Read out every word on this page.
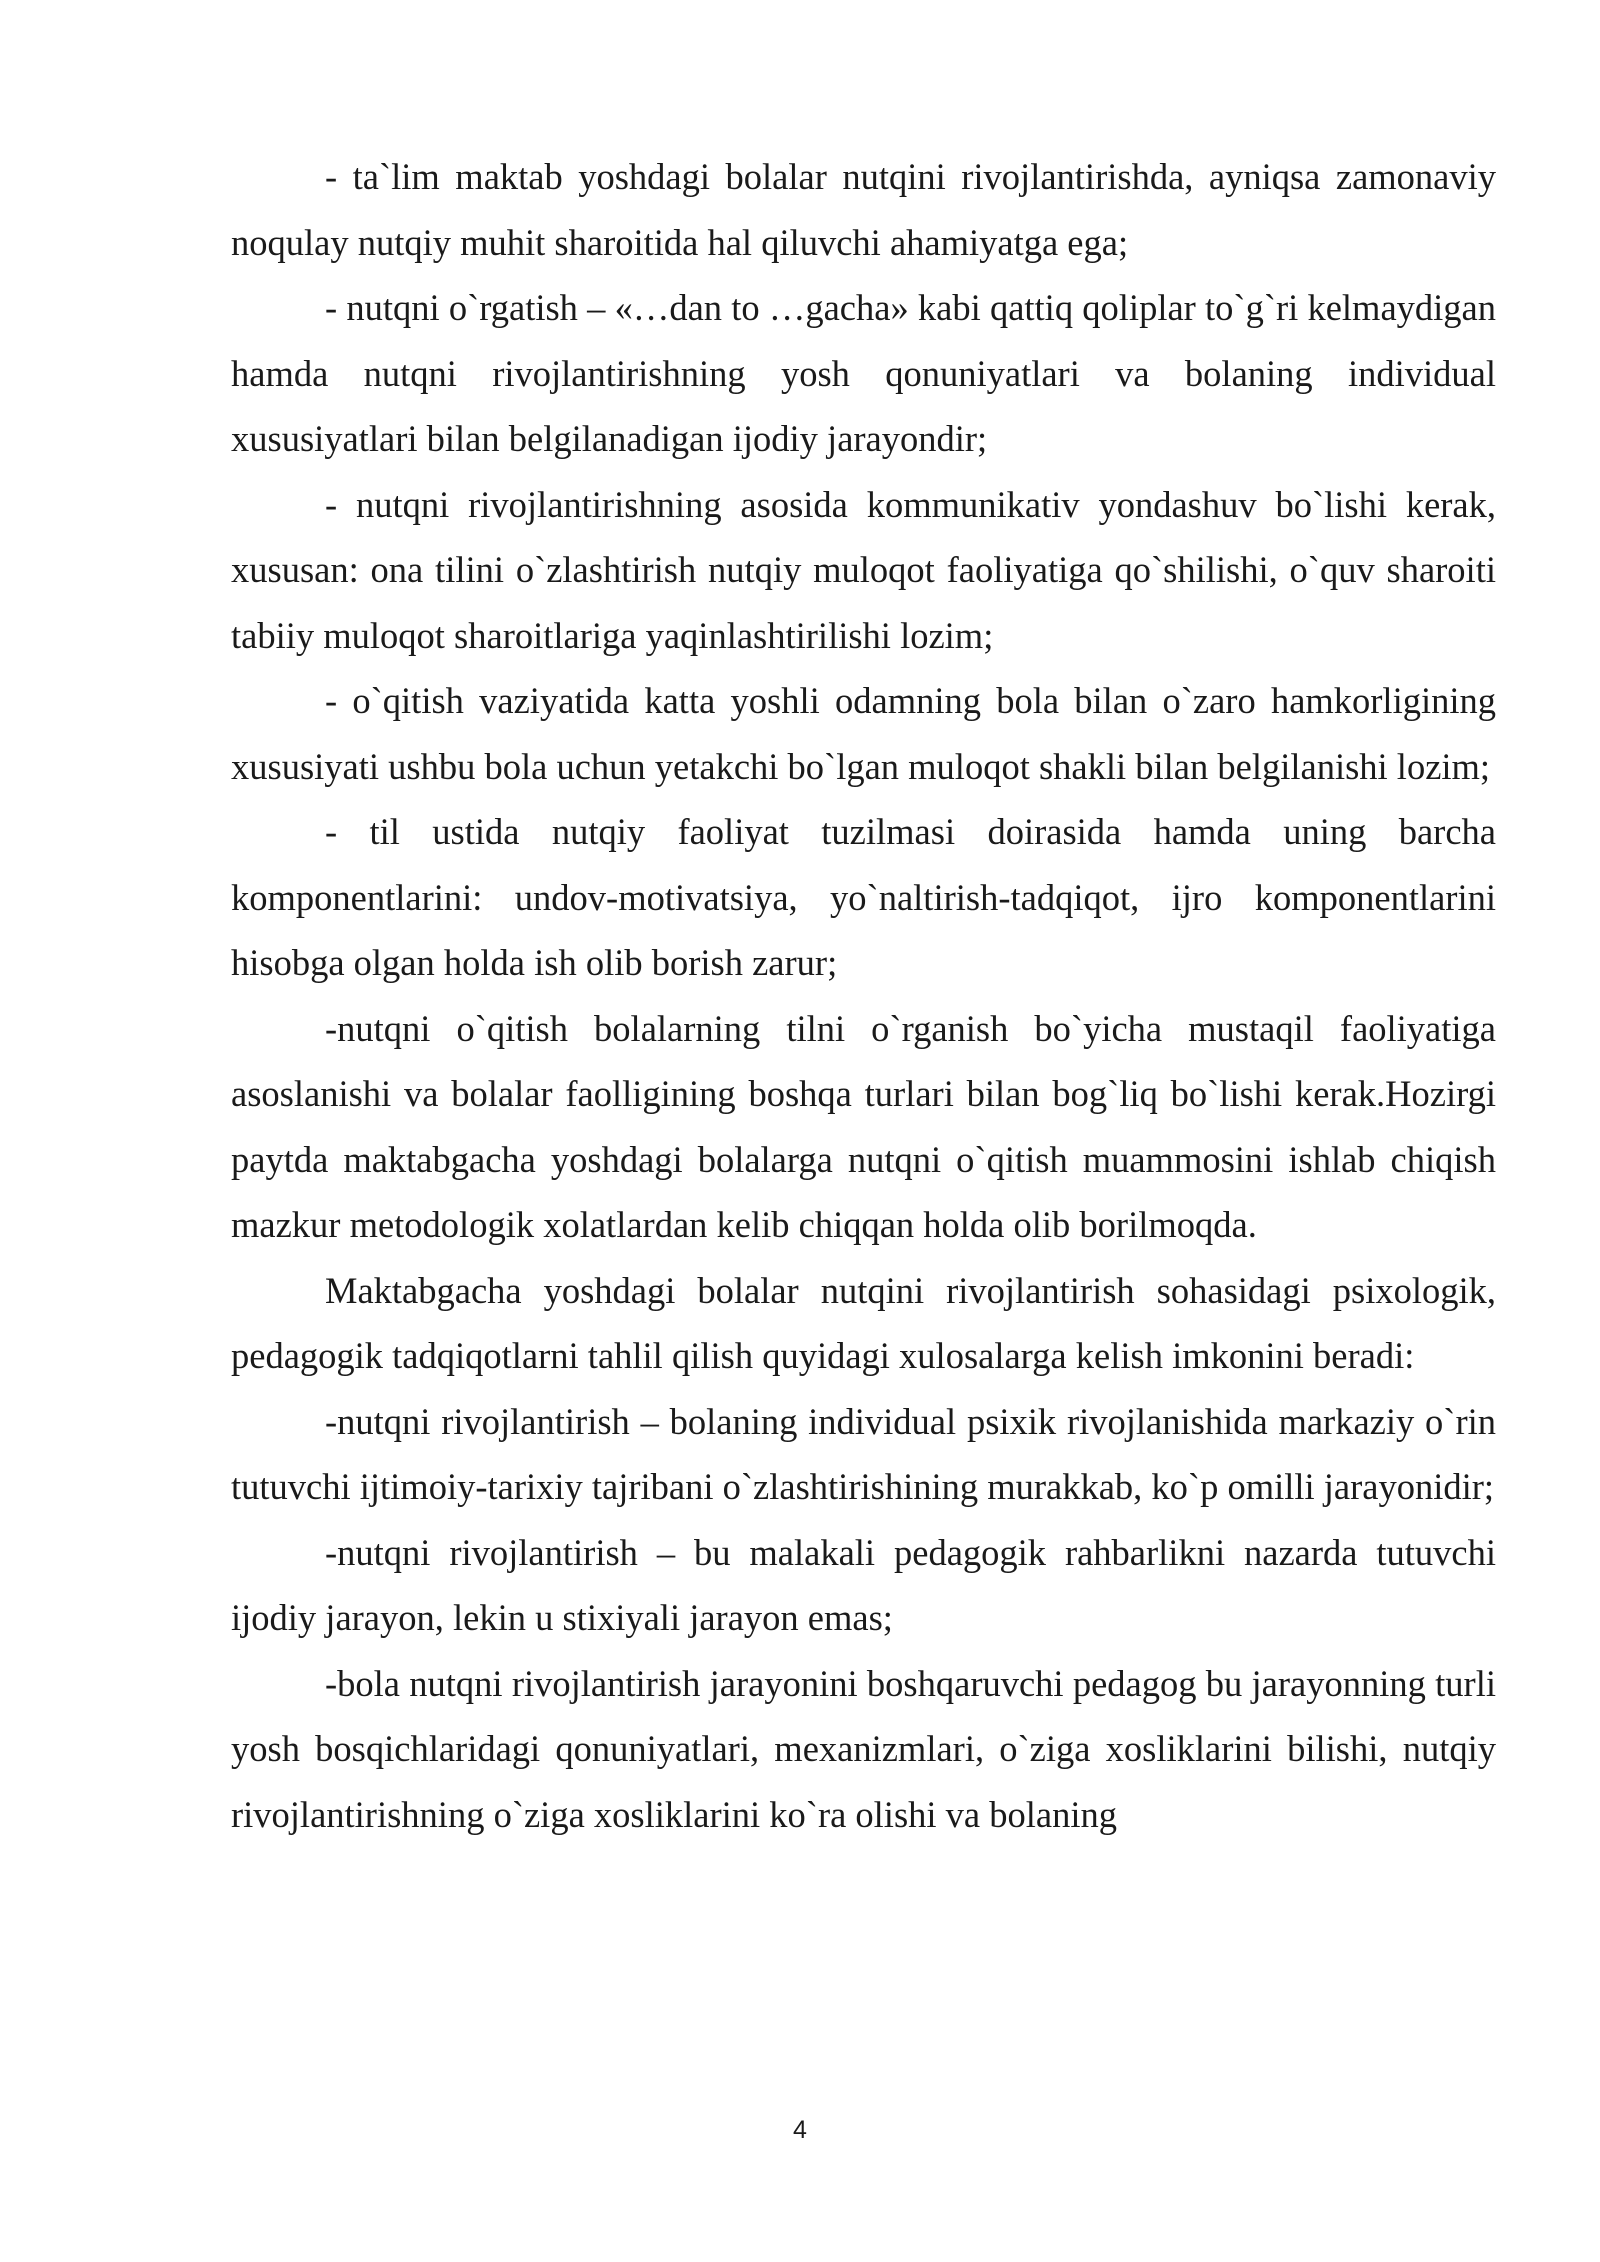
- ta`lim maktab yoshdagi bolalar nutqini rivojlantirishda, ayniqsa zamonaviy noqulay nutqiy muhit sharoitida hal qiluvchi ahamiyatga ega;

- nutqni o`rgatish – «…dan to …gacha» kabi qattiq qoliplar to`g`ri kelmaydigan hamda nutqni rivojlantirishning yosh qonuniyatlari va bolaning individual xususiyatlari bilan belgilanadigan ijodiy jarayondir;

- nutqni rivojlantirishning asosida kommunikativ yondashuv bo`lishi kerak, xususan: ona tilini o`zlashtirish nutqiy muloqot faoliyatiga qo`shilishi, o`quv sharoiti tabiiy muloqot sharoitlariga yaqinlashtirilishi lozim;

- o`qitish vaziyatida katta yoshli odamning bola bilan o`zaro hamkorligining xususiyati ushbu bola uchun yetakchi bo`lgan muloqot shakli bilan belgilanishi lozim;

- til ustida nutqiy faoliyat tuzilmasi doirasida hamda uning barcha komponentlarini: undov-motivatsiya, yo`naltirish-tadqiqot, ijro komponentlarini hisobga olgan holda ish olib borish zarur;

-nutqni o`qitish bolalarning tilni o`rganish bo`yicha mustaqil faoliyatiga asoslanishi va bolalar faolligining boshqa turlari bilan bog`liq bo`lishi kerak.Hozirgi paytda maktabgacha yoshdagi bolalarga nutqni o`qitish muammosini ishlab chiqish mazkur metodologik xolatlardan kelib chiqqan holda olib borilmoqda.

Maktabgacha yoshdagi bolalar nutqini rivojlantirish sohasidagi psixologik, pedagogik tadqiqotlarni tahlil qilish quyidagi xulosalarga kelish imkonini beradi:

-nutqni rivojlantirish – bolaning individual psixik rivojlanishida markaziy o`rin tutuvchi ijtimoiy-tarixiy tajribani o`zlashtirishining murakkab, ko`p omilli jarayonidir;

-nutqni rivojlantirish – bu malakali pedagogik rahbarlikni nazarda tutuvchi ijodiy jarayon, lekin u stixiyali jarayon emas;

-bola nutqni rivojlantirish jarayonini boshqaruvchi pedagog bu jarayonning turli yosh bosqichlaridagi qonuniyatlari, mexanizmlari, o`ziga xosliklarini bilishi, nutqiy rivojlantirishning o`ziga xosliklarini ko`ra olishi va bolaning

4
